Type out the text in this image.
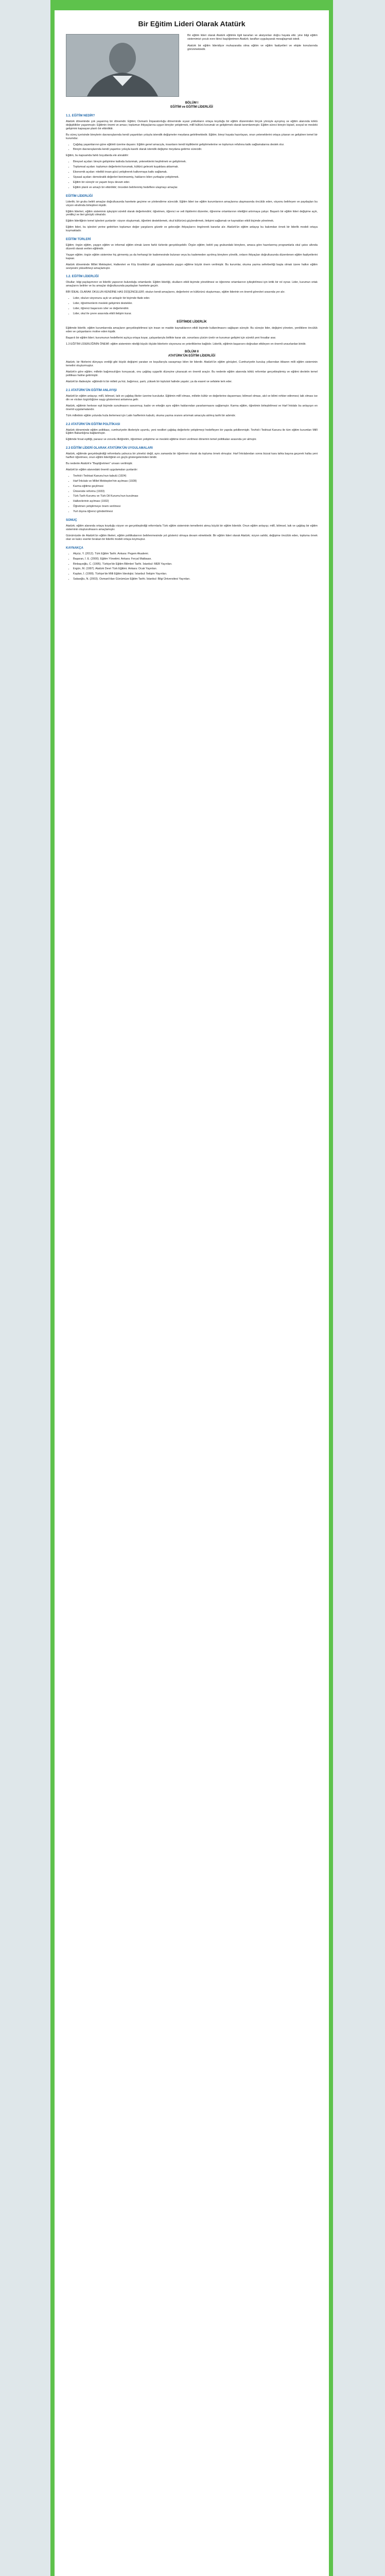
Bir Eğitim Lideri Olarak Atatürk

Bir eğitim lideri olarak Atatürk eğitimle ilgili kararları ve aksiyonları doğru hayata etki. yine bilgi eğitim sistemimizi çocuk evre ikinci başöğretmen Atatürk; tarafları uygulayarak mesajlaşmak istedi.

Atatürk bir eğitim lideridiyor muhazaratta olma eğitim ve eğitim faaliyetleri ve ekipte konularında görünmektedir.

BÖLÜM I
EĞİTİM ve EĞİTİM LİDERLİĞİ
1.1. EĞİTİM NEDİR?

Atatürk döneminde çok yaşanmış bir dönemdir. Eğitim; Osmanlı İmparatorluğu döneminde sıyasi yoklukların ortaya koyduğu bir eğitim düzeninden birçok yönüyle ayrışmış ve eğitim alanında köklü değişiklikler yaşanmıştır. Eğitimin önemi ve amacı; toplumun ihtiyaçlarına uygun bireyler yetiştirmek, millî kültürü korumak ve geliştirmek olarak tanımlanmıştır. Eğitim süreci bireyin kişisel, sosyal ve mesleki gelişimini kapsayan planlı bir etkinliktir.

Bu süreç içerisinde bireylerin davranışlarında kendi yaşantıları yoluyla istendik değişmeler meydana getirilmektedir. Eğitim; bireyi hayata hazırlayan, onun yeteneklerini ortaya çıkaran ve geliştiren temel bir kurumdur.

• Çağdaş yaşamlarının güne eğitimli üzerine dayanır. Eğitim genel amacıyla, insanların kendi kişiliklerini geliştirmelerine ve toplumun refahına katkı sağlamalarına destek olur.
• Bireyin davranışlarında kendi yaşantısı yoluyla kasıtlı olarak istendik değişme meydana getirme sürecidir.

Eğitim, bu kapsamda farklı boyutlarda ele alınabilir:

• Bireysel açıdan: bireyin gelişimine katkıda bulunmak, yeteneklerini keşfetmek ve geliştirmek.
• Toplumsal açıdan: toplumun değerlerini korumak, kültürü gelecek kuşaklara aktarmak.
• Ekonomik açıdan: nitelikli insan gücü yetiştirerek kalkınmaya katkı sağlamak.
• Siyasal açıdan: demokratik değerleri benimsemiş, haklarını bilen yurttaşlar yetiştirmek.
• Eğitim bir süreçtir ve yaşam boyu devam eder.
• Eğitim planlı ve amaçlı bir etkinliktir; önceden belirlenmiş hedeflere ulaşmayı amaçlar.
EĞİTİM LİDERLİĞİ

Liderlik; bir grubu belirli amaçlar doğrultusunda harekete geçirme ve yönlendirme sürecidir. Eğitim lideri ise eğitim kurumlarının amaçlarına ulaşmasında öncülük eden, vizyonu belirleyen ve paydaşları bu vizyon etrafında birleştiren kişidir.

Eğitim liderleri, eğitim sisteminin işleyişini sürekli olarak değerlendirir; öğretmen, öğrenci ve veli ilişkilerini düzenler, öğrenme ortamlarının niteliğini artırmaya çalışır. Başarılı bir eğitim lideri değişime açık, yenilikçi ve ileri görüşlü olmalıdır.

Eğitim liderliğinin temel işlevleri şunlardır: vizyon oluşturmak, öğretimi desteklemek, okul kültürünü güçlendirmek, iletişimi sağlamak ve kaynakları etkili biçimde yönetmek.

Eğitim lideri, bu işlevleri yerine getirirken toplumun değer yargılarını gözetir ve geleceğin ihtiyaçlarını öngörerek kararlar alır. Atatürk'ün eğitim anlayışı bu bakımdan örnek bir liderlik modeli ortaya koymaktadır.

EĞİTİM TÜRLERİ

Eğitim; örgün eğitim, yaygın eğitim ve informal eğitim olmak üzere farklı türlerde gerçekleşebilir. Örgün eğitim; belirli yaş grubundaki bireylere, amaca göre hazırlanmış programlarla okul çatısı altında düzenli olarak verilen eğitimdir.

Yaygın eğitim; örgün eğitim sistemine hiç girmemiş ya da herhangi bir kademesinde bulunan veya bu kademeden ayrılmış bireylere yönelik, onların ihtiyaçları doğrultusunda düzenlenen eğitim faaliyetlerini kapsar.

Atatürk döneminde Millet Mektepleri, Halkevleri ve Köy Enstitüleri gibi uygulamalarla yaygın eğitime büyük önem verilmiştir. Bu kurumlar, okuma yazma seferberliği başta olmak üzere halkın eğitim seviyesini yükseltmeyi amaçlamıştır.

1.2. EĞİTİM LİDERLİĞİ

Okullar; bilgi paylaşımının ve liderlik yapısının bulunduğu ortamlardır. Eğitim liderliği, okulların etkili biçimde yönetilmesi ve öğrenme ortamlarının iyileştirilmesi için kritik bir rol oynar. Lider, kurumun ortak amaçlarını belirler ve bu amaçlar doğrultusunda paydaşları harekete geçirir.

BİR İDEAL OLARAK OKULUN KENDİNE HAS DÜŞÜNCELERİ; okulun kendi amaçlarını, değerlerini ve kültürünü oluşturması, eğitim liderinin en önemli görevleri arasında yer alır.

• Lider, okulun vizyonunu açık ve anlaşılır bir biçimde ifade eder.
• Lider, öğretmenlerin mesleki gelişimini destekler.
• Lider, öğrenci başarısını izler ve değerlendirir.
• Lider, okul ile çevre arasında etkili iletişim kurar.
EĞİTİMDE LİDERLİK

Eğitimde liderlik; eğitim kurumlarında amaçların gerçekleştirilmesi için insan ve madde kaynaklarının etkili biçimde kullanılmasını sağlayan süreçtir. Bu süreçte lider, değişimi yöneten, yeniliklere öncülük eden ve çalışanlarını motive eden kişidir.

Başarılı bir eğitim lideri; kurumunun hedeflerini açıkça ortaya koyar, çalışanlarıyla birlikte karar alır, sorunlara çözüm üretir ve kurumun gelişimi için sürekli yeni fırsatlar arar.

1.3 EĞİTİM LİDERLİĞİNİN ÖNEMİ: eğitim sisteminin niteliği büyük ölçüde liderlerin vizyonuna ve yeterliklerine bağlıdır. Liderlik, eğitimin başarısını doğrudan etkileyen en önemli unsurlardan biridir.

BÖLÜM II
ATATÜRK'ÜN EĞİTİM LİDERLİĞİ

Atatürk; bir fikirlerini dünyaya verdiği gibi büyük değişimi yaratan ve koşullarıyla savaşmayı bilen bir liderdir. Atatürk'ün eğitim görüşleri, Cumhuriyetin kuruluş yıllarından itibaren milli eğitim sisteminin temelini oluşturmuştur.

Atatürk'e göre eğitim; milletin bağımsızlığını koruyacak, onu çağdaş uygarlık düzeyine çıkaracak en önemli araçtır. Bu nedenle eğitim alanında köklü reformlar gerçekleştirmiş ve eğitimi devletin temel politikası haline getirmiştir.

Atatürk'ün ifadesiyle: eğitimdir ki bir milleti ya hür, bağımsız, şanlı, yüksek bir topluluk halinde yaşatır; ya da esaret ve sefalete terk eder.

2.1 ATATÜRK'ÜN EĞİTİM ANLAYIŞI

Atatürk'ün eğitim anlayışı; millî, bilimsel, laik ve çağdaş ilkeler üzerine kuruludur. Eğitimin millî olması, milletin kültür ve değerlerine dayanması; bilimsel olması, akıl ve bilimi rehber edinmesi; laik olması ise din ve vicdan özgürlüğüne saygı göstermesi anlamına gelir.

Atatürk, eğitimin herkese eşit biçimde sunulmasını savunmuş; kadın ve erkeğin aynı eğitim haklarından yararlanmasını sağlamıştır. Karma eğitim, öğretimin birleştirilmesi ve Harf İnkılabı bu anlayışın en önemli uygulamalarıdır.

Türk milletinin eğitim yolunda hızla ilerlemesi için Latin harflerinin kabulü, okuma yazma oranını artırmak amacıyla atılmış tarihi bir adımdır.

2.2 ATATÜRK'ÜN EĞİTİM POLİTİKASI

Atatürk döneminde eğitim politikası, cumhuriyetin ilkeleriyle uyumlu, yeni nesilleri çağdaş değerlerle yetiştirmeyi hedefleyen bir yapıda şekillenmiştir. Tevhid-i Tedrisat Kanunu ile tüm eğitim kurumları Millî Eğitim Bakanlığına bağlanmıştır.

Eğitimde fırsat eşitliği, parasız ve zorunlu ilköğretim, öğretmen yetiştirme ve mesleki eğitime önem verilmesi dönemin temel politikaları arasında yer almıştır.

2.3 EĞİTİM LİDERİ OLARAK ATATÜRK'ÜN UYGULAMALARI

Atatürk, eğitimde gerçekleştirdiği reformlarla yalnızca bir yönetici değil, aynı zamanda bir öğretmen olarak da topluma örnek olmuştur. Harf İnkılabından sonra bizzat kara tahta başına geçerek halka yeni harfleri öğretmesi, onun eğitim liderliğinin en güçlü göstergelerinden biridir.

Bu nedenle Atatürk'e "Başöğretmen" unvanı verilmiştir.

Atatürk'ün eğitim alanındaki önemli uygulamaları şunlardır:

• Tevhid-i Tedrisat Kanunu'nun kabulü (1924)
• Harf İnkılabı ve Millet Mektepleri'nin açılması (1928)
• Karma eğitime geçilmesi
• Üniversite reformu (1933)
• Türk Tarih Kurumu ve Türk Dil Kurumu'nun kurulması
• Halkevlerinin açılması (1932)
• Öğretmen yetiştirmeye önem verilmesi
• Yurt dışına öğrenci gönderilmesi
SONUÇ

Atatürk; eğitim alanında ortaya koyduğu vizyon ve gerçekleştirdiği reformlarla Türk eğitim sisteminin temellerini atmış büyük bir eğitim lideridir. Onun eğitim anlayışı; millî, bilimsel, laik ve çağdaş bir eğitim sisteminin oluşturulmasını amaçlamıştır.

Günümüzde de Atatürk'ün eğitim ilkeleri, eğitim politikalarının belirlenmesinde yol gösterici olmaya devam etmektedir. Bir eğitim lideri olarak Atatürk; vizyon sahibi, değişime öncülük eden, topluma örnek olan ve kalıcı eserler bırakan bir liderlik modeli ortaya koymuştur.

KAYNAKÇA
• Akyüz, Y. (2012). Türk Eğitim Tarihi. Ankara: Pegem Akademi.
• Başaran, İ. E. (2000). Eğitim Yönetimi. Ankara: Feryal Matbaası.
• Binbaşıoğlu, C. (1995). Türkiye'de Eğitim Bilimleri Tarihi. İstanbul: MEB Yayınları.
• Ergün, M. (1997). Atatürk Devri Türk Eğitimi. Ankara: Ocak Yayınları.
• Kaplan, İ. (1999). Türkiye'de Milli Eğitim İdeolojisi. İstanbul: İletişim Yayınları.
• Sakaoğlu, N. (2003). Osmanlı'dan Günümüze Eğitim Tarihi. İstanbul: Bilgi Üniversitesi Yayınları.
